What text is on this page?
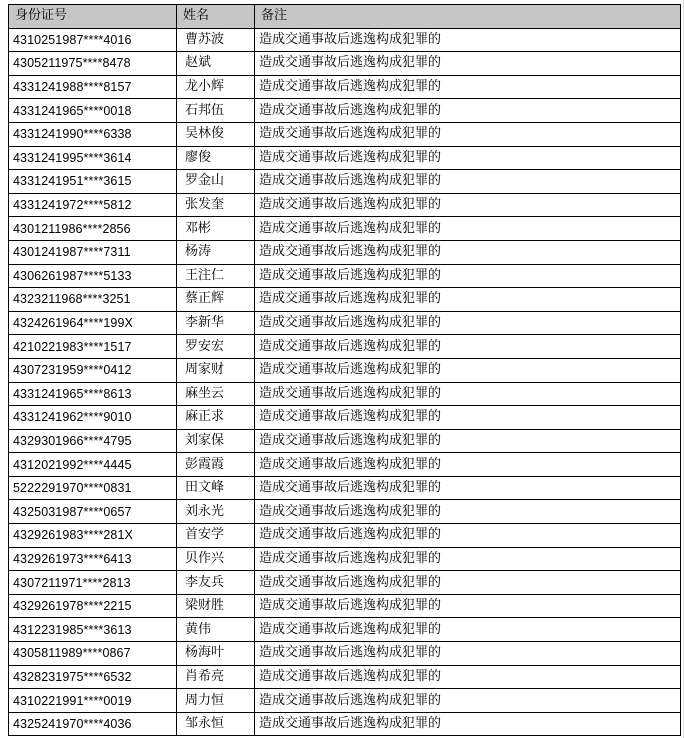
身份证号	姓名	备注
4310251987****4016	曹苏波	造成交通事故后逃逸构成犯罪的
4305211975****8478	赵斌	造成交通事故后逃逸构成犯罪的
4331241988****8157	龙小辉	造成交通事故后逃逸构成犯罪的
4331241965****0018	石邦伍	造成交通事故后逃逸构成犯罪的
4331241990****6338	吴林俊	造成交通事故后逃逸构成犯罪的
4331241995****3614	廖俊	造成交通事故后逃逸构成犯罪的
4331241951****3615	罗金山	造成交通事故后逃逸构成犯罪的
4331241972****5812	张发奎	造成交通事故后逃逸构成犯罪的
4301211986****2856	邓彬	造成交通事故后逃逸构成犯罪的
4301241987****7311	杨涛	造成交通事故后逃逸构成犯罪的
4306261987****5133	王注仁	造成交通事故后逃逸构成犯罪的
4323211968****3251	蔡正辉	造成交通事故后逃逸构成犯罪的
4324261964****199X	李新华	造成交通事故后逃逸构成犯罪的
4210221983****1517	罗安宏	造成交通事故后逃逸构成犯罪的
4307231959****0412	周家财	造成交通事故后逃逸构成犯罪的
4331241965****8613	麻坐云	造成交通事故后逃逸构成犯罪的
4331241962****9010	麻正求	造成交通事故后逃逸构成犯罪的
4329301966****4795	刘家保	造成交通事故后逃逸构成犯罪的
4312021992****4445	彭霞霞	造成交通事故后逃逸构成犯罪的
5222291970****0831	田文峰	造成交通事故后逃逸构成犯罪的
4325031987****0657	刘永光	造成交通事故后逃逸构成犯罪的
4329261983****281X	首安学	造成交通事故后逃逸构成犯罪的
4329261973****6413	贝作兴	造成交通事故后逃逸构成犯罪的
4307211971****2813	李友兵	造成交通事故后逃逸构成犯罪的
4329261978****2215	梁财胜	造成交通事故后逃逸构成犯罪的
4312231985****3613	黄伟	造成交通事故后逃逸构成犯罪的
4305811989****0867	杨海叶	造成交通事故后逃逸构成犯罪的
4328231975****6532	肖希亮	造成交通事故后逃逸构成犯罪的
4310221991****0019	周力恒	造成交通事故后逃逸构成犯罪的
4325241970****4036	邹永恒	造成交通事故后逃逸构成犯罪的
